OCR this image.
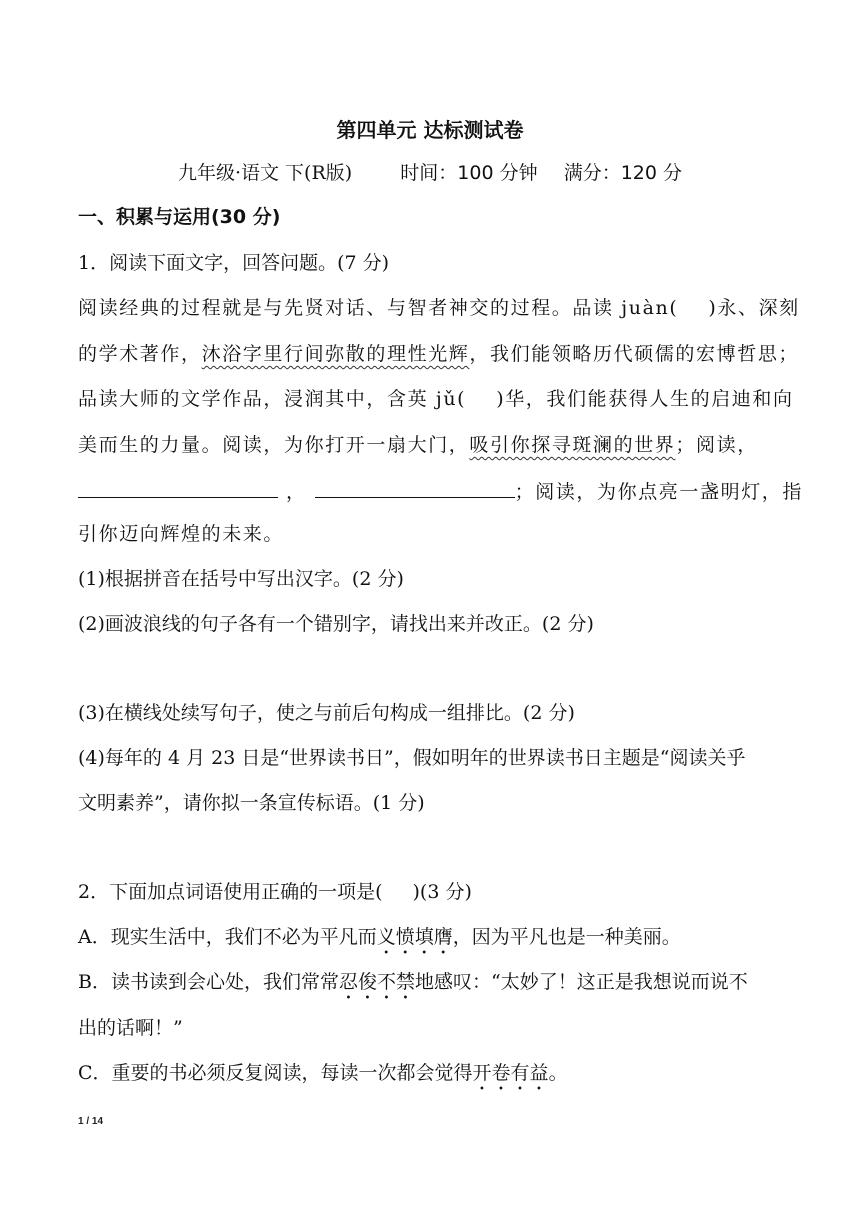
第四单元 达标测试卷
九年级·语文 下(R版)	时间：100 分钟 满分：120 分
一、积累与运用(30 分)
1．阅读下面文字，回答问题。(7 分)
阅读经典的过程就是与先贤对话、与智者神交的过程。品读 juàn( )永、深刻
的学术著作，沐浴字里行间弥散的理性光辉，我们能领略历代硕儒的宏博哲思；
品读大师的文学作品，浸润其中，含英 jǔ( )华，我们能获得人生的启迪和向
美而生的力量。阅读，为你打开一扇大门，吸引你探寻斑澜的世界；阅读，
，	；阅读，为你点亮一盏明灯，指
引你迈向辉煌的未来。
(1)根据拼音在括号中写出汉字。(2 分)
(2)画波浪线的句子各有一个错别字，请找出来并改正。(2 分)
(3)在横线处续写句子，使之与前后句构成一组排比。(2 分)
(4)每年的 4 月 23 日是“世界读书日”，假如明年的世界读书日主题是“阅读关乎
文明素养”，请你拟一条宣传标语。(1 分)
2．下面加点词语使用正确的一项是( )(3 分)
A．现实生活中，我们不必为平凡而义愤填膺，因为平凡也是一种美丽。
B．读书读到会心处，我们常常忍俊不禁地感叹：“太妙了！这正是我想说而说不
出的话啊！”
C．重要的书必须反复阅读，每读一次都会觉得开卷有益。
1 / 14
